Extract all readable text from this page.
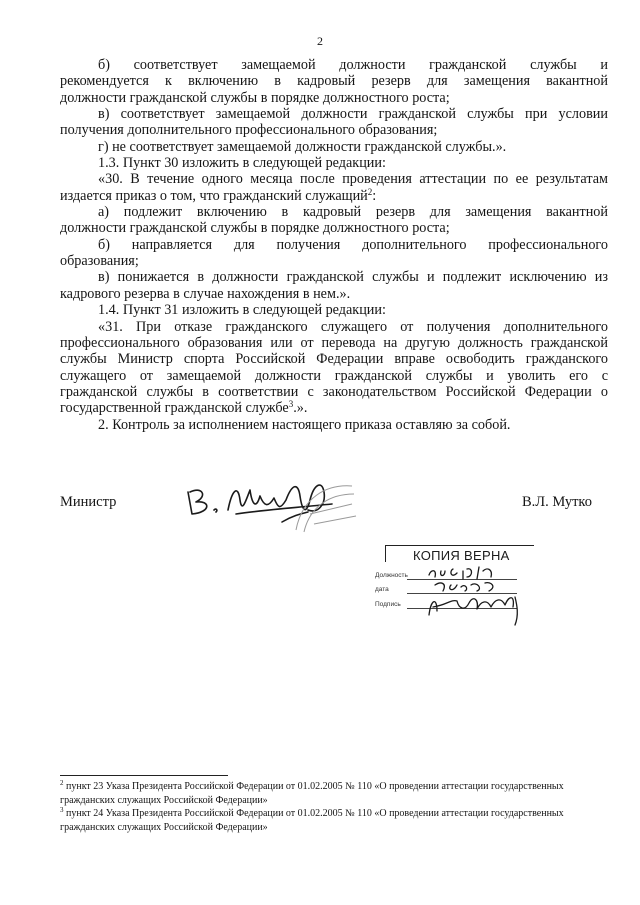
2
б) соответствует замещаемой должности гражданской службы и
рекомендуется к включению в кадровый резерв для замещения вакантной
должности гражданской службы в порядке должностного роста;
в) соответствует замещаемой должности гражданской службы при условии
получения дополнительного профессионального образования;
г) не соответствует замещаемой должности гражданской службы.».
1.3. Пункт 30 изложить в следующей редакции:
«30. В течение одного месяца после проведения аттестации по ее результатам
издается приказ о том, что гражданский служащий$^2$:
а) подлежит включению в кадровый резерв для замещения вакантной
должности гражданской службы в порядке должностного роста;
б) направляется для получения дополнительного профессионального
образования;
в) понижается в должности гражданской службы и подлежит исключению из
кадрового резерва в случае нахождения в нем.».
1.4. Пункт 31 изложить в следующей редакции:
«31. При отказе гражданского служащего от получения дополнительного
профессионального образования или от перевода на другую должность гражданской
службы Министр спорта Российской Федерации вправе освободить гражданского
служащего от замещаемой должности гражданской службы и уволить его с
гражданской службы в соответствии с законодательством Российской Федерации о
государственной гражданской службе$^3$.».
2. Контроль за исполнением настоящего приказа оставляю за собой.
Министр	В.Л. Мутко
КОПИЯ ВЕРНА
Должность
дата
Подпись
$^2$ пункт 23 Указа Президента Российской Федерации от 01.02.2005 № 110 «О проведении аттестации государственных
гражданских служащих Российской Федерации»
$^3$ пункт 24 Указа Президента Российской Федерации от 01.02.2005 № 110 «О проведении аттестации государственных
гражданских служащих Российской Федерации»
